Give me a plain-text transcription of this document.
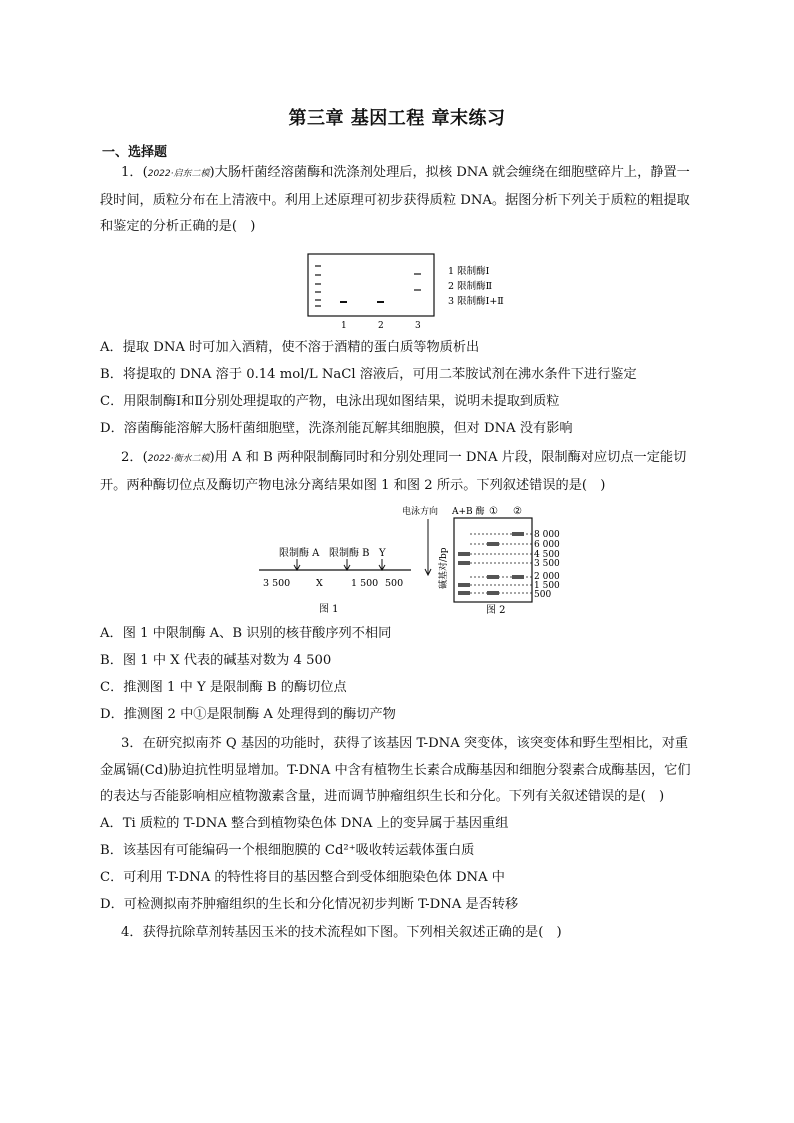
第三章 基因工程 章末练习
一、选择题
1．(2022·启东二模)大肠杆菌经溶菌酶和洗涤剂处理后，拟核 DNA 就会缠绕在细胞壁碎片上，静置一段时间，质粒分布在上清液中。利用上述原理可初步获得质粒 DNA。据图分析下列关于质粒的粗提取和鉴定的分析正确的是(　)
1	2	3
1 限制酶Ⅰ
2 限制酶Ⅱ
3 限制酶Ⅰ+Ⅱ
A．提取 DNA 时可加入酒精，使不溶于酒精的蛋白质等物质析出
B．将提取的 DNA 溶于 0.14 mol/L NaCl 溶液后，可用二苯胺试剂在沸水条件下进行鉴定
C．用限制酶Ⅰ和Ⅱ分别处理提取的产物，电泳出现如图结果，说明未提取到质粒
D．溶菌酶能溶解大肠杆菌细胞壁，洗涤剂能瓦解其细胞膜，但对 DNA 没有影响
2．(2022·衡水二模)用 A 和 B 两种限制酶同时和分别处理同一 DNA 片段，限制酶对应切点一定能切开。两种酶切位点及酶切产物电泳分离结果如图 1 和图 2 所示。下列叙述错误的是(　)
限制酶 A 限制酶 B Y
3 500	X	1 500 500
图 1
电泳方向
碱基对/bp
A+B 酶 ① ②
8 000
6 000
4 500
3 500
2 000
1 500
500
图 2
A．图 1 中限制酶 A、B 识别的核苷酸序列不相同
B．图 1 中 X 代表的碱基对数为 4 500
C．推测图 1 中 Y 是限制酶 B 的酶切位点
D．推测图 2 中①是限制酶 A 处理得到的酶切产物
3．在研究拟南芥 Q 基因的功能时，获得了该基因 T-DNA 突变体，该突变体和野生型相比，对重金属镉(Cd)胁迫抗性明显增加。T-DNA 中含有植物生长素合成酶基因和细胞分裂素合成酶基因，它们的表达与否能影响相应植物激素含量，进而调节肿瘤组织生长和分化。下列有关叙述错误的是(　)
A．Ti 质粒的 T-DNA 整合到植物染色体 DNA 上的变异属于基因重组
B．该基因有可能编码一个根细胞膜的 Cd²⁺吸收转运载体蛋白质
C．可利用 T-DNA 的特性将目的基因整合到受体细胞染色体 DNA 中
D．可检测拟南芥肿瘤组织的生长和分化情况初步判断 T-DNA 是否转移
4．获得抗除草剂转基因玉米的技术流程如下图。下列相关叙述正确的是(　)
